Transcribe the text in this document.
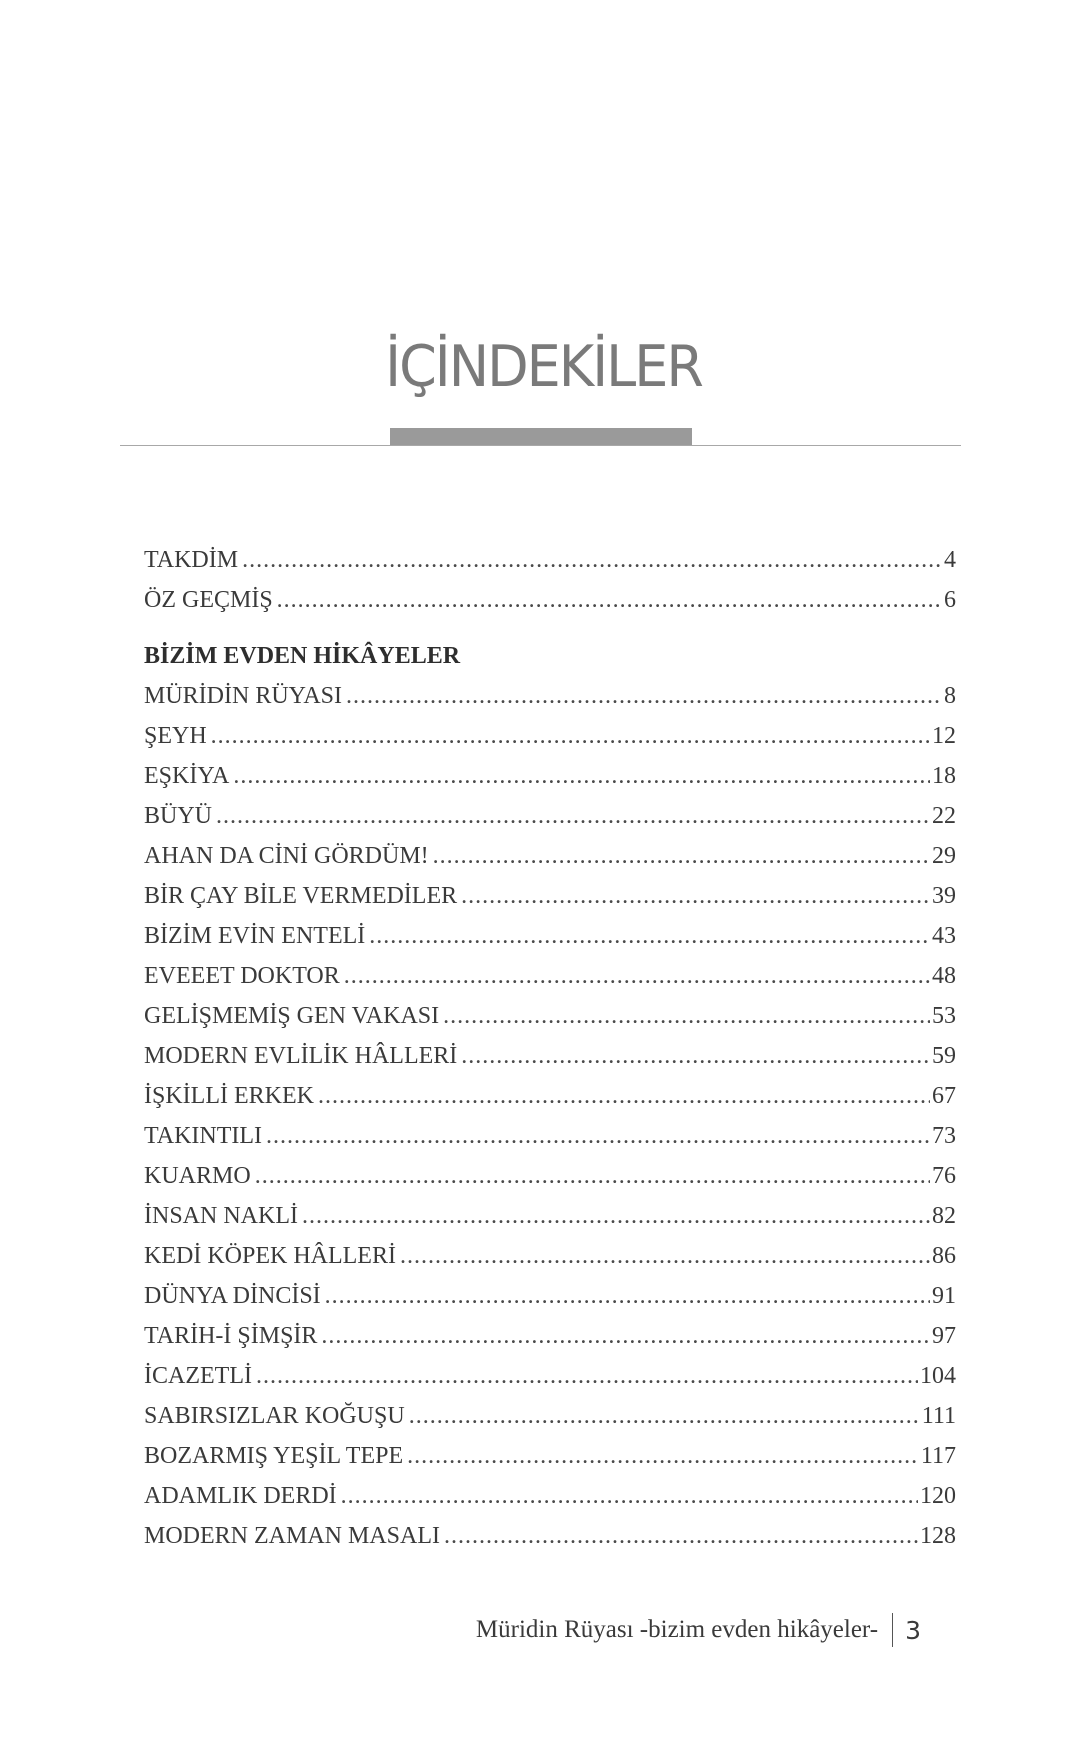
İÇİNDEKİLER
TAKDİM .....	4
ÖZ GEÇMİŞ .....	6
BİZİM EVDEN HİKÂYELER
MÜRİDİN RÜYASI .....	8
ŞEYH .....	12
EŞKİYA .....	18
BÜYÜ .....	22
AHAN DA CİNİ GÖRDÜM! .....	29
BİR ÇAY BİLE VERMEDİLER .....	39
BİZİM EVİN ENTELİ .....	43
EVEEET DOKTOR .....	48
GELİŞMEMİŞ GEN VAKASI .....	53
MODERN EVLİLİK HÂLLERİ .....	59
İŞKİLLİ ERKEK .....	67
TAKINTILI .....	73
KUARMO .....	76
İNSAN NAKLİ .....	82
KEDİ KÖPEK HÂLLERİ .....	86
DÜNYA DİNCİSİ .....	91
TARİH-İ ŞİMŞİR .....	97
İCAZETLİ .....	104
SABIRSIZLAR KOĞUŞU .....	111
BOZARMIŞ YEŞİL TEPE .....	117
ADAMLIK DERDİ .....	120
MODERN ZAMAN MASALI .....	128
Müridin Rüyası -bizim evden hikâyeler- 3
